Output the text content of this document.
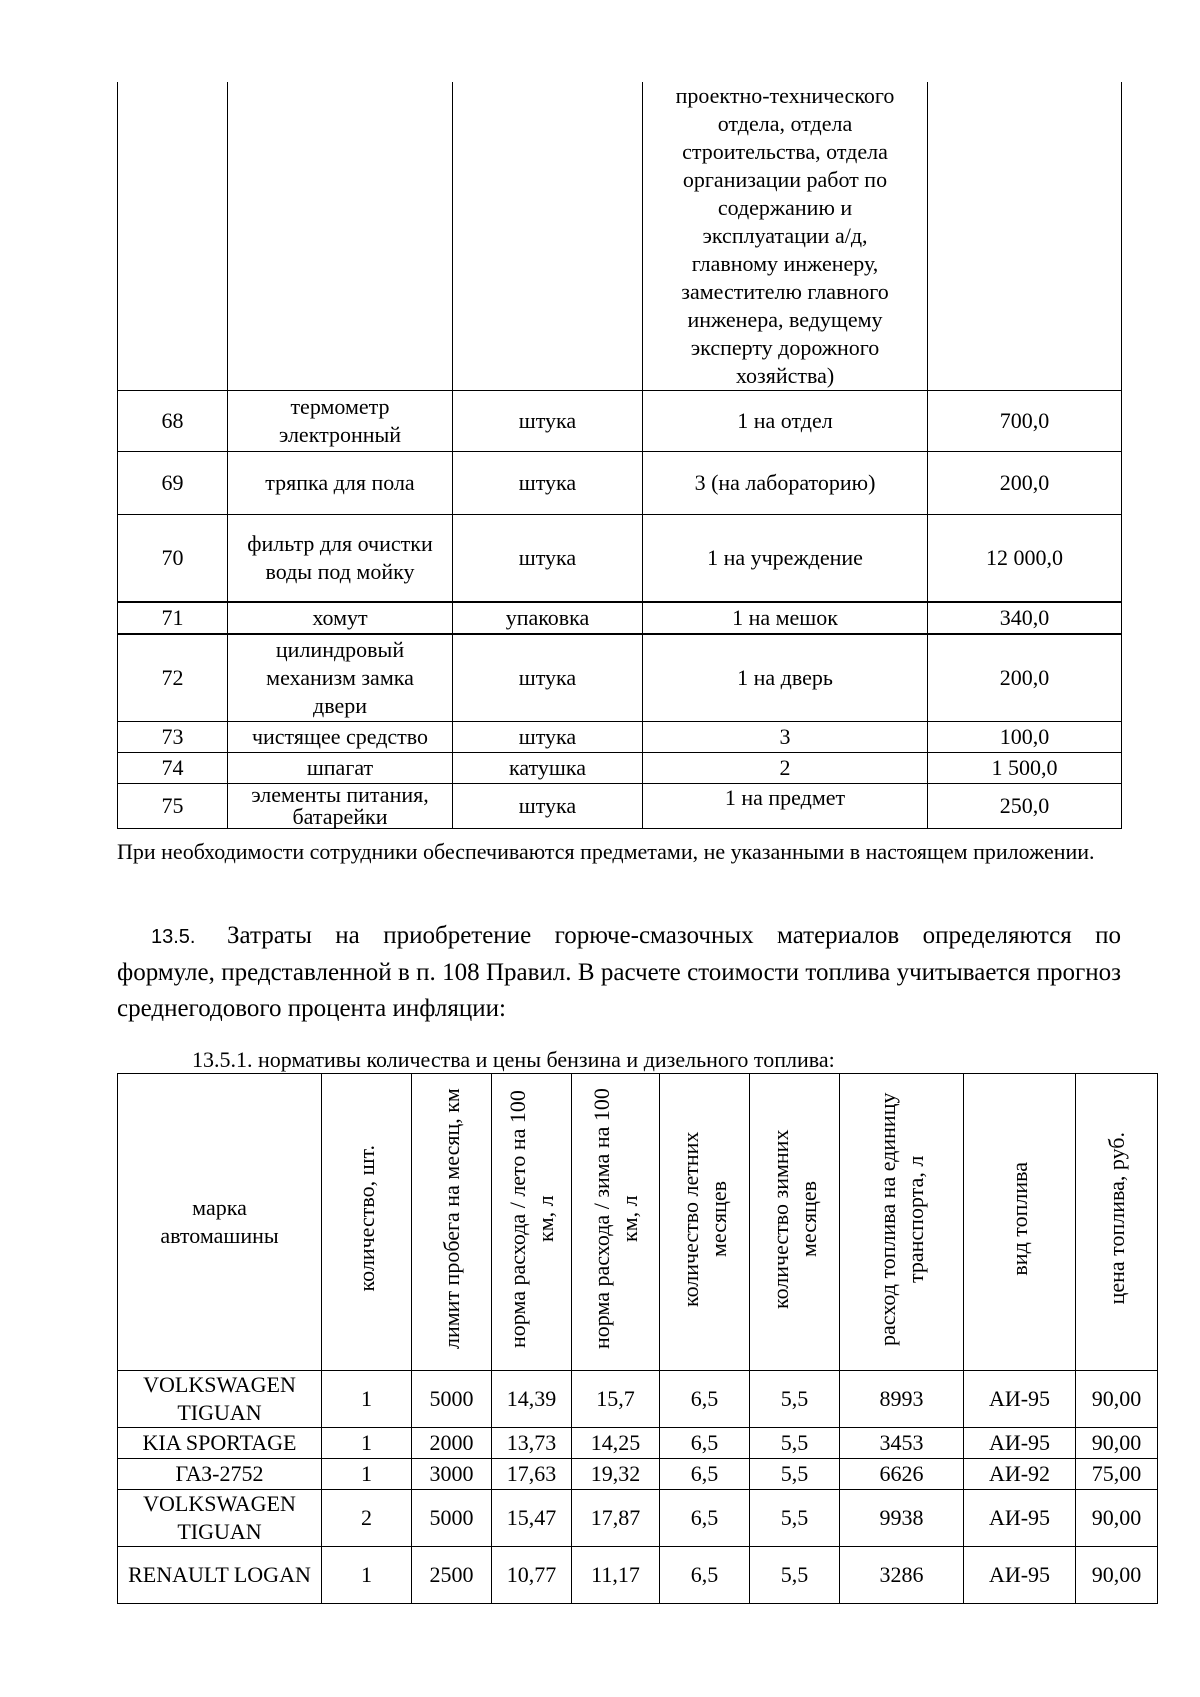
			проектно-технического отдела, отдела строительства, отдела организации работ по содержанию и эксплуатации а/д, главному инженеру, заместителю главного инженера, ведущему эксперту дорожного хозяйства)	
68	термометр электронный	штука	1 на отдел	700,0
69	тряпка для пола	штука	3 (на лабораторию)	200,0
70	фильтр для очистки воды под мойку	штука	1 на учреждение	12 000,0
71	хомут	упаковка	1 на мешок	340,0
72	цилиндровый механизм замка двери	штука	1 на дверь	200,0
73	чистящее средство	штука	3	100,0
74	шпагат	катушка	2	1 500,0
75	элементы питания, батарейки	штука	1 на предмет	250,0
При необходимости сотрудники обеспечиваются предметами, не указанными в настоящем приложении.
13.5. Затраты на приобретение горюче-смазочных материалов определяются по формуле, представленной в п. 108 Правил. В расчете стоимости топлива учитывается прогноз среднегодового процента инфляции:
13.5.1. нормативы количества и цены бензина и дизельного топлива:
марка автомашины	количество, шт.	лимит пробега на месяц, км	норма расхода / лето на 100 км, л	норма расхода / зима на 100 км, л	количество летних месяцев	количество зимних месяцев	расход топлива на единицу транспорта, л	вид топлива	цена топлива, руб.
VOLKSWAGEN TIGUAN	1	5000	14,39	15,7	6,5	5,5	8993	АИ-95	90,00
KIA SPORTAGE	1	2000	13,73	14,25	6,5	5,5	3453	АИ-95	90,00
ГАЗ-2752	1	3000	17,63	19,32	6,5	5,5	6626	АИ-92	75,00
VOLKSWAGEN TIGUAN	2	5000	15,47	17,87	6,5	5,5	9938	АИ-95	90,00
RENAULT LOGAN	1	2500	10,77	11,17	6,5	5,5	3286	АИ-95	90,00
